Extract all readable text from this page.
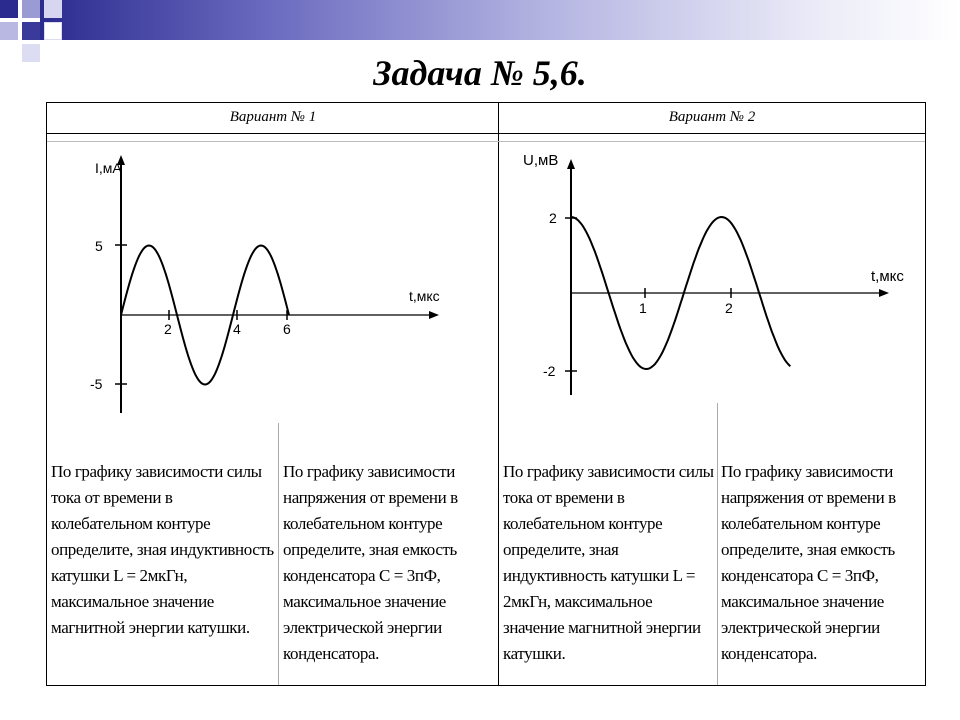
Задача № 5,6.
Вариант № 1	Вариант № 2
I,мА
t,мкс
5
-5
2	4	6
U,мВ
t,мкс
2
-2
1	2
По графику зависимости силы тока от времени в колебательном контуре определите, зная индуктивность катушки L = 2мкГн, максимальное значение магнитной энергии катушки.
По графику зависимости напряжения от времени в колебательном контуре определите, зная емкость конденсатора С = 3пФ, максимальное значение электрической энергии конденсатора.
По графику зависимости силы тока от времени в колебательном контуре определите, зная индуктивность катушки L = 2мкГн, максимальное значение магнитной энергии катушки.
По графику зависимости напряжения от времени в колебательном контуре определите, зная емкость конденсатора С = 3пФ, максимальное значение электрической энергии конденсатора.
